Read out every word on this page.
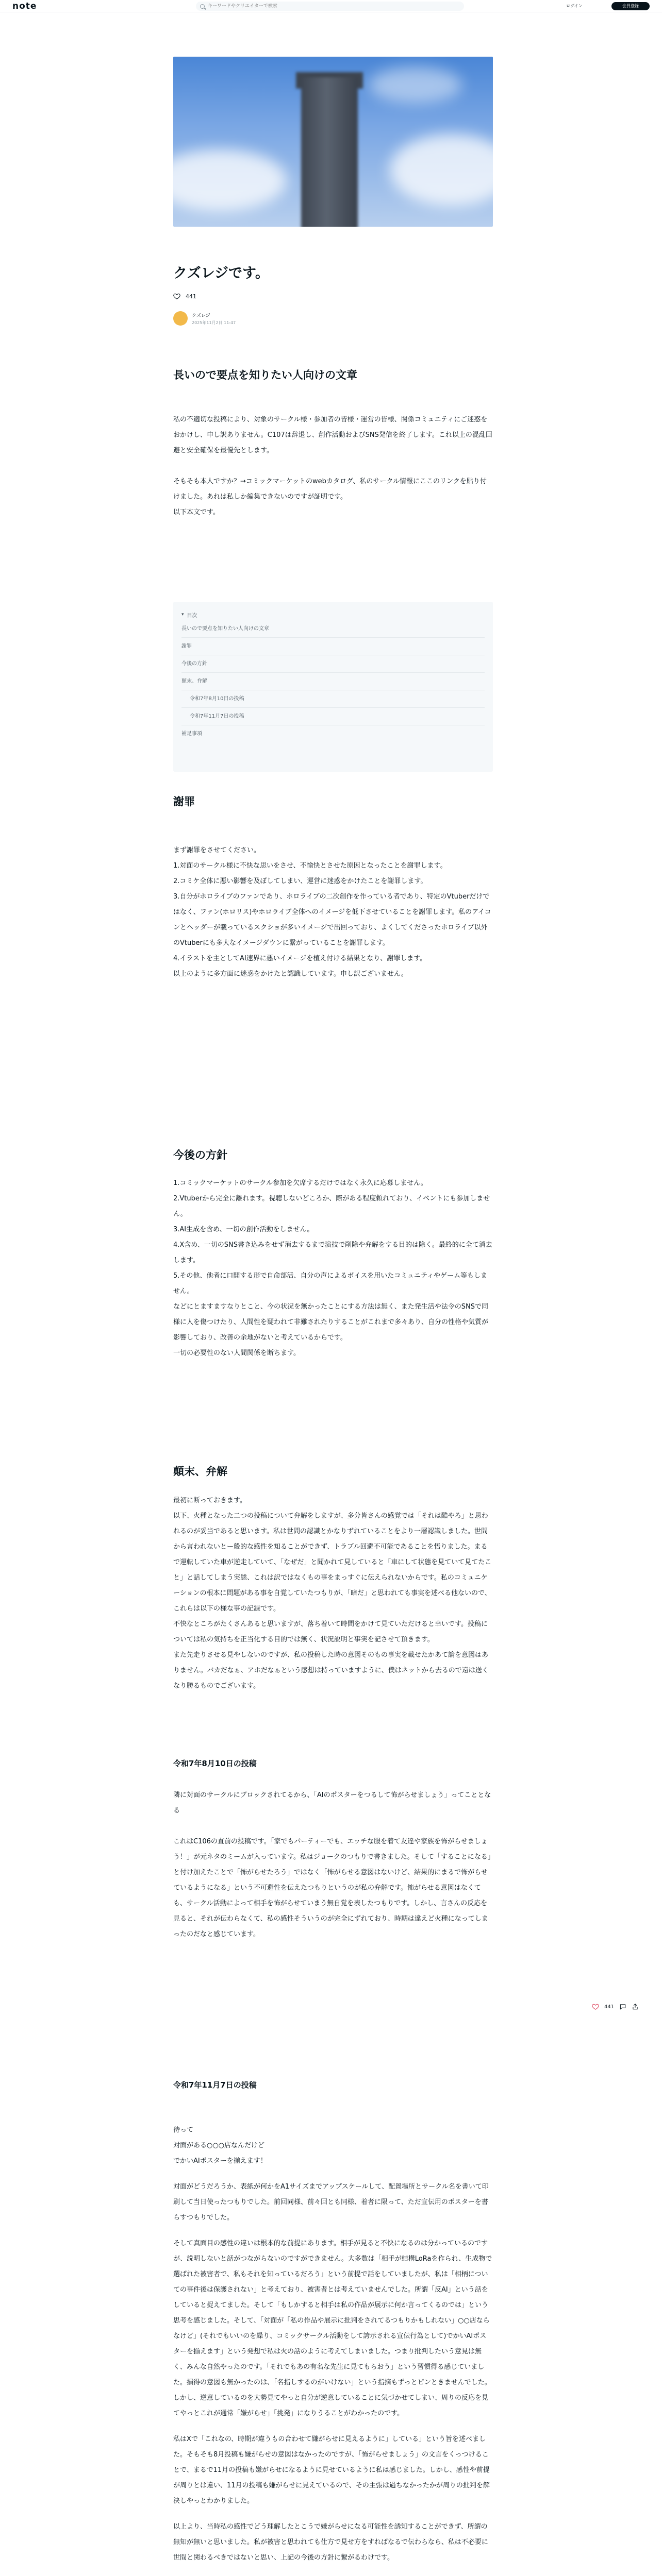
note
キーワードやクリエイターで検索	ログイン	会員登録
クズレジです。
441
クズレジ
2025年11月2日 11:47
長いので要点を知りたい人向けの文章

私の不適切な投稿により、対象のサークル様・参加者の皆様・運営の皆様、関係コミュニティにご迷惑をおかけし、申し訳ありません。C107は辞退し、創作活動およびSNS発信を終了します。これ以上の混乱回避と安全確保を最優先とします。

そもそも本人ですか？→コミックマーケットのwebカタログ、私のサークル情報にここのリンクを貼り付けました。あれは私しか編集できないのですが証明です。

以下本文です。

▾ 目次
長いので要点を知りたい人向けの文章
謝罪
今後の方針
顛末、弁解
令和7年8月10日の投稿
令和7年11月7日の投稿
補足事項
謝罪

まず謝罪をさせてください。

1.対面のサークル様に不快な思いをさせ、不愉快とさせた原因となったことを謝罪します。

2.コミケ全体に悪い影響を及ぼしてしまい、運営に迷惑をかけたことを謝罪します。

3.自分がホロライブのファンであり、ホロライブの二次創作を作っている者であり、特定のVtuberだけではなく、ファン(ホロリス)やホロライブ全体へのイメージを低下させていることを謝罪します。私のアイコンとヘッダーが載っているスクショが多いイメージで出回っており、よくしてくださったホロライブ以外のVtuberにも多大なイメージダウンに繋がっていることを謝罪します。

4.イラストを主としてAI速界に悪いイメージを植え付ける結果となり、謝罪します。

以上のように多方面に迷惑をかけたと認識しています。申し訳ございません。

今後の方針

1.コミックマーケットのサークル参加を欠席するだけではなく永久に応募しません。

2.Vtuberから完全に離れます。視聴しないどころか、際がある程度頼れており、イベントにも参加しません。

3.AI生成を含め、一切の創作活動をしません。

4.X含め、一切のSNS書き込みをせず消去するまで演技で削除や弁解をする目的は除く。最終的に全て消去します。

5.その他、他者に口開する形で自命部活、自分の声によるボイスを用いたコミュニティやゲーム等もしません。

などにとますますなりとこと、今の状況を無かったことにする方法は無く、また発生活や法令のSNSで同様に人を傷つけたり、人間性を疑われて非難されたりすることがこれまで多々あり、自分の性格や気質が影響しており、改善の余地がないと考えているからです。

一切の必要性のない人間関係を断ちます。

顛末、弁解

最初に断っておきます。

以下、火種となった二つの投稿について弁解をしますが、多分皆さんの感覚では「それは酷やろ」と思われるのが妥当であると思います。私は世間の認識とかなりずれていることをより一層認識しました。世間から言われないとー般的な感性を知ることができず、トラブル回避不可能であることを悟りました。まるで運転していた車が逆走していて、「なぜだ」と聞かれて見していると「車にして状態を見ていて見てたこと」と話してしまう実態、これは訳ではなくもの事をまっすぐに伝えられないからです。私のコミュニケーションの根本に問題がある事を自覚していたつもりが、「暗だ」と思われても事実を述べる他ないので、これらは以下の様な事の記録です。

不快なところがたくさんあると思いますが、落ち着いて時間をかけて見ていただけると幸いです。投稿については私の気持ちを正当化する目的では無く、状況説明と事実を記させて頂きます。

また先走りさせる見やしないのですが、私の投稿した時の意図そのもの事実を載せたかあて論を意図はありません。バカだなぁ、アホだなぁという感想は持っていますように、僕はネットから去るので遠は送くなり勝るものでございます。

令和7年8月10日の投稿

隣に対面のサークルにブロックされてるから、「AIのポスターをつるして怖がらせましょう」ってこととなる

これはC106の直前の投稿です。「家でもパーティーでも、エッチな服を着て友達や家族を怖がらせましょう！」が元ネタのミームが入っています。私はジョークのつもりで書きました。そして「することになる」と付け加えたことで「怖がらせたろう」ではなく「怖がらせる意図はないけど、結果的にまるで怖がらせているようになる」という不可避性を伝えたつもりというのが私の弁解です。怖がらせる意図はなくても、サークル活動によって相手を怖がらせていまう無自覚を表したつもりです。しかし、言さんの反応を見ると、それが伝わらなくて、私の感性そういうのが完全にずれており、時期は違えど火種になってしまったのだなと感じています。

令和7年11月7日の投稿

待って

対面がある○○○店なんだけど

でかいAIポスターを揃えます！

対面がどうだろうか、表紙が何かをA1サイズまでアップスケールして、配置場所とサークル名を書いて印刷して当日使ったつもりでした。前回同様、前々回とも同様、着者に限って、ただ宣伝用のポスターを書らすつもりでした。

そして真面目の感性の違いは根本的な前提にあります。相手が見ると不快になるのは分かっているのですが、説明しないと話がつながらないのですができません。大多数は「相手が結構LoRaを作られ、生成物で選ばれた被害者で、私もそれを知っているだろう」という前提で話をしていましたが、私は「相柄についての事件後は保護されない」と考えており、被害者とは考えていませんでした。所謂「反AI」という話をしていると捉えてました。そして「もしかすると相手は私の作品が展示に何か言ってくるのでは」という思考を感じました。そして、「対面が「私の作品や展示に批判をされてるつもりかもしれない」○○店ならなけど」(それでもいいのを繰り、コミックサークル活動をして誇示される宣伝行為として)でかいAIポスターを揃えます」という発想で私は火の話のように考えてしまいました。つまり批判したいう意見は無く、みんな自然やったのです。「それでもあの有名な先生に見てもらおう」という習慣得る感じていました。損得の意図も無かったのは、「名指しするのがいけない」という指摘もずっとピンときませんでした。しかし、逆意しているのを大勢見てやっと自分が逆意していることに気づかせてしまい、周りの反応を見てやっとこれが通常「嫌がらせ」「挑発」になりうることがわかったのです。

私はXで「これなの、時期が違うもの合わせて嫌がらせに見えるように」している」という旨を述べました。そもそも8月投稿も嫌がらせの意図はなかったのですが、「怖がらせましょう」の文言をくっつけることで、まるで11月の投稿も嫌がらせになるように見せているように私は感じました。しかし、感性や前提が周りとは違い、11月の投稿も嫌がらせに見えているので、その主張は過ちなかったかが周りの批判を解決しやっとわかりました。

以上より、当時私の感性でどう理解したとこうで嫌がらせになる可能性を誘知することができず、所謂の無知が無いと思いました。私が被害と思われても仕方で見せ方をすればなるで伝わらなら、私は不必要に世間と関わるべきではないと思い、上記の今後の方針に繋がるわけです。

441
